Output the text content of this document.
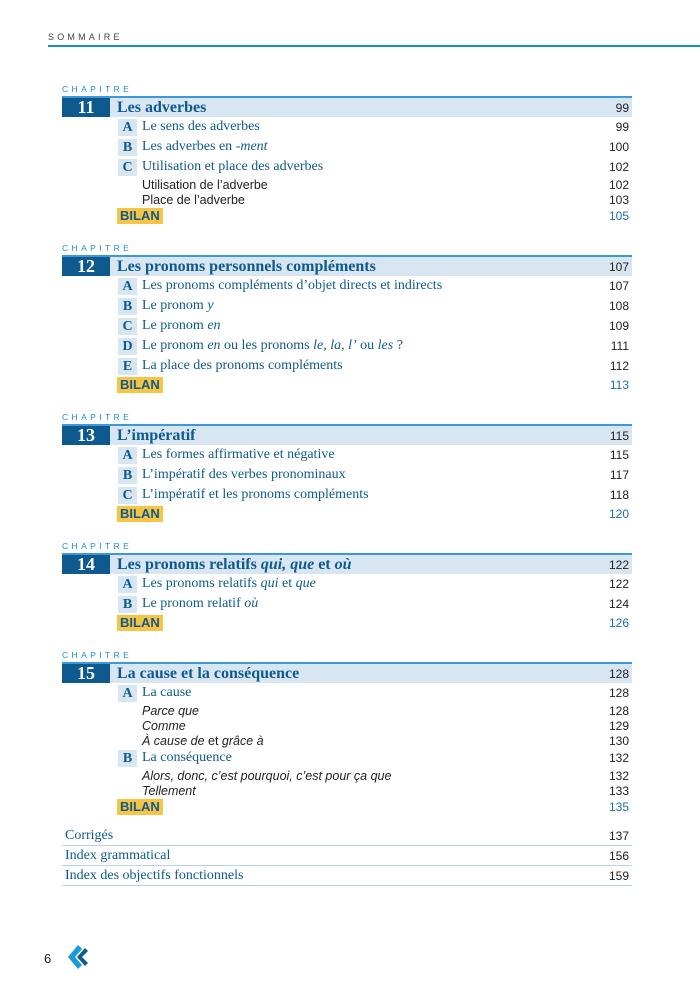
SOMMAIRE
CHAPITRE
11	Les adverbes	99
A Le sens des adverbes	99
B Les adverbes en -ment	100
C Utilisation et place des adverbes	102
Utilisation de l’adverbe	102
Place de l’adverbe	103
BILAN	105
CHAPITRE
12	Les pronoms personnels compléments	107
A Les pronoms compléments d’objet directs et indirects	107
B Le pronom y	108
C Le pronom en	109
D Le pronom en ou les pronoms le, la, l’ ou les ?	111
E La place des pronoms compléments	112
BILAN	113
CHAPITRE
13	L’impératif	115
A Les formes affirmative et négative	115
B L’impératif des verbes pronominaux	117
C L’impératif et les pronoms compléments	118
BILAN	120
CHAPITRE
14	Les pronoms relatifs qui, que et où	122
A Les pronoms relatifs qui et que	122
B Le pronom relatif où	124
BILAN	126
CHAPITRE
15	La cause et la conséquence	128
A La cause	128
Parce que	128
Comme	129
À cause de et grâce à	130
B La conséquence	132
Alors, donc, c’est pourquoi, c’est pour ça que	132
Tellement	133
BILAN	135
Corrigés	137
Index grammatical	156
Index des objectifs fonctionnels	159
6
